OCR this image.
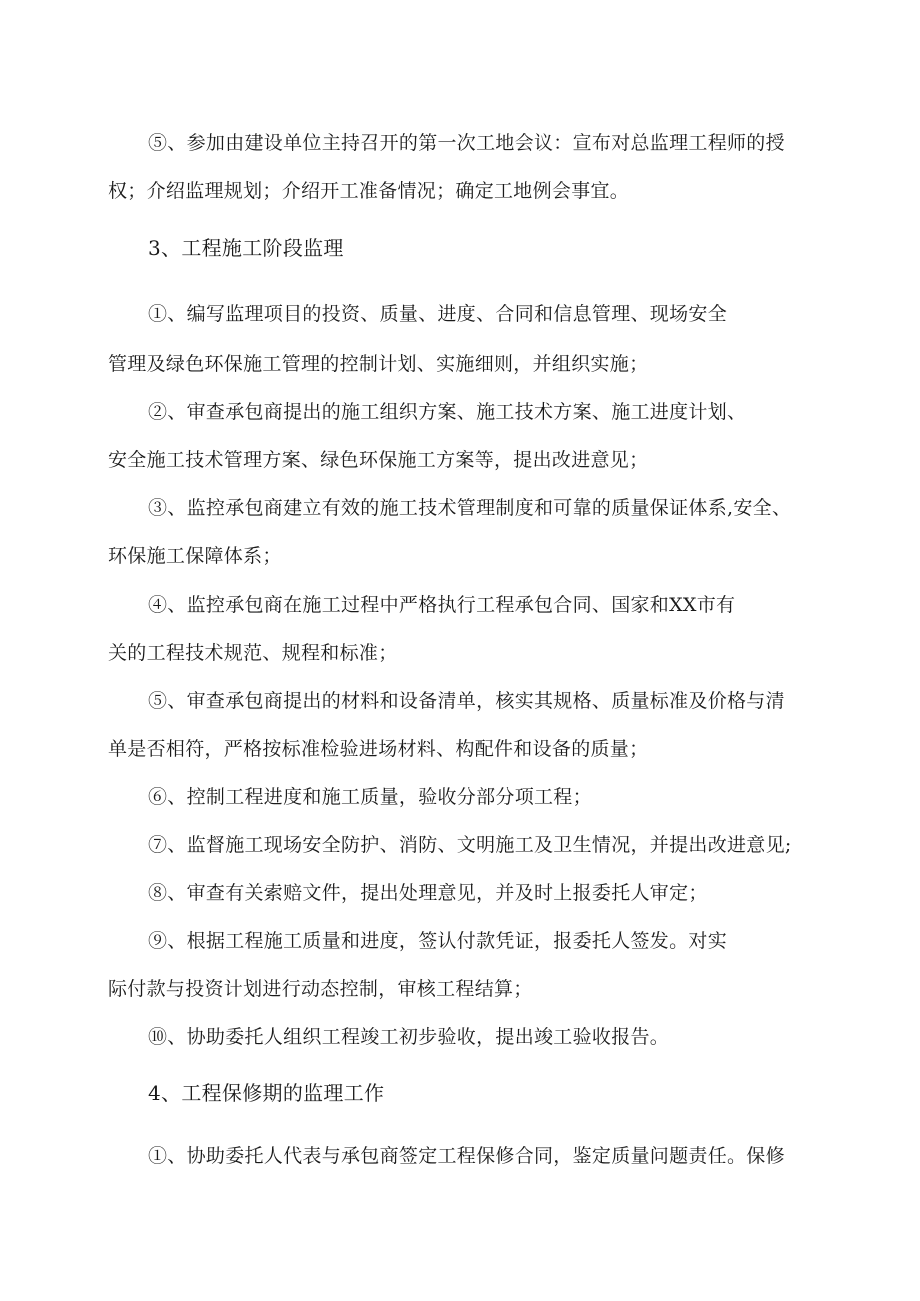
⑤、参加由建设单位主持召开的第一次工地会议：宣布对总监理工程师的授

权；介绍监理规划；介绍开工准备情况；确定工地例会事宜。

3、工程施工阶段监理

①、编写监理项目的投资、质量、进度、合同和信息管理、现场安全

管理及绿色环保施工管理的控制计划、实施细则，并组织实施；

②、审查承包商提出的施工组织方案、施工技术方案、施工进度计划、

安全施工技术管理方案、绿色环保施工方案等，提出改进意见；

③、监控承包商建立有效的施工技术管理制度和可靠的质量保证体系,安全、

环保施工保障体系；

④、监控承包商在施工过程中严格执行工程承包合同、国家和XX市有

关的工程技术规范、规程和标准；

⑤、审查承包商提出的材料和设备清单，核实其规格、质量标准及价格与清

单是否相符，严格按标准检验进场材料、构配件和设备的质量；

⑥、控制工程进度和施工质量，验收分部分项工程；

⑦、监督施工现场安全防护、消防、文明施工及卫生情况，并提出改进意见;

⑧、审查有关索赔文件，提出处理意见，并及时上报委托人审定；

⑨、根据工程施工质量和进度，签认付款凭证，报委托人签发。对实

际付款与投资计划进行动态控制，审核工程结算；

⑩、协助委托人组织工程竣工初步验收，提出竣工验收报告。

4、工程保修期的监理工作

①、协助委托人代表与承包商签定工程保修合同，鉴定质量问题责任。保修
